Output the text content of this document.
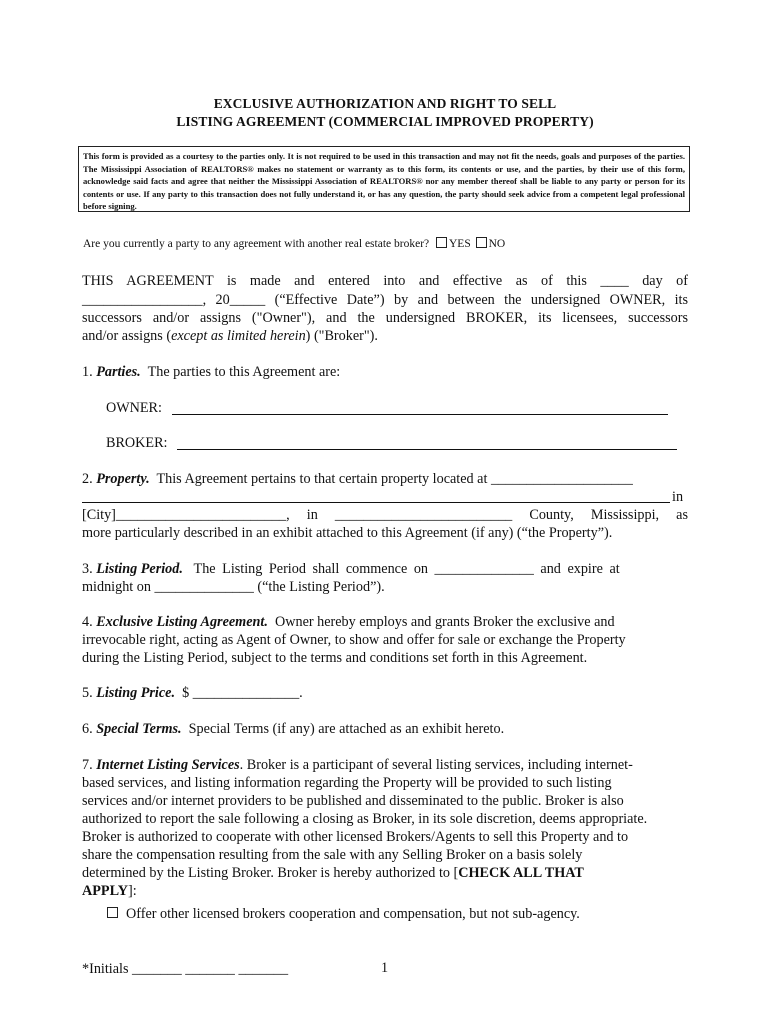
EXCLUSIVE AUTHORIZATION AND RIGHT TO SELL
LISTING AGREEMENT (COMMERCIAL IMPROVED PROPERTY)
This form is provided as a courtesy to the parties only. It is not required to be used in this transaction and may not fit the needs, goals and purposes of the parties. The Mississippi Association of REALTORS® makes no statement or warranty as to this form, its contents or use, and the parties, by their use of this form, acknowledge said facts and agree that neither the Mississippi Association of REALTORS® nor any member thereof shall be liable to any party or person for its contents or use. If any party to this transaction does not fully understand it, or has any question, the party should seek advice from a competent legal professional before signing.
Are you currently a party to any agreement with another real estate broker? YES NO
THIS AGREEMENT is made and entered into and effective as of this ____ day of
_________________, 20_____ (“Effective Date”) by and between the undersigned OWNER, its
successors and/or assigns ("Owner"), and the undersigned BROKER, its licensees, successors
and/or assigns (except as limited herein) ("Broker").
1. Parties. The parties to this Agreement are:
OWNER:
BROKER:
2. Property. This Agreement pertains to that certain property located at ____________________
in
[City]________________________, in _________________________ County, Mississippi, as
more particularly described in an exhibit attached to this Agreement (if any) (“the Property”).
3. Listing Period. The Listing Period shall commence on ______________ and expire at
midnight on ______________ (“the Listing Period”).
4. Exclusive Listing Agreement. Owner hereby employs and grants Broker the exclusive and
irrevocable right, acting as Agent of Owner, to show and offer for sale or exchange the Property
during the Listing Period, subject to the terms and conditions set forth in this Agreement.
5. Listing Price. $ _______________.
6. Special Terms. Special Terms (if any) are attached as an exhibit hereto.
7. Internet Listing Services. Broker is a participant of several listing services, including internet-
based services, and listing information regarding the Property will be provided to such listing
services and/or internet providers to be published and disseminated to the public. Broker is also
authorized to report the sale following a closing as Broker, in its sole discretion, deems appropriate.
Broker is authorized to cooperate with other licensed Brokers/Agents to sell this Property and to
share the compensation resulting from the sale with any Selling Broker on a basis solely
determined by the Listing Broker. Broker is hereby authorized to [CHECK ALL THAT
APPLY]:
Offer other licensed brokers cooperation and compensation, but not sub-agency.
*Initials _______ _______ _______	1
